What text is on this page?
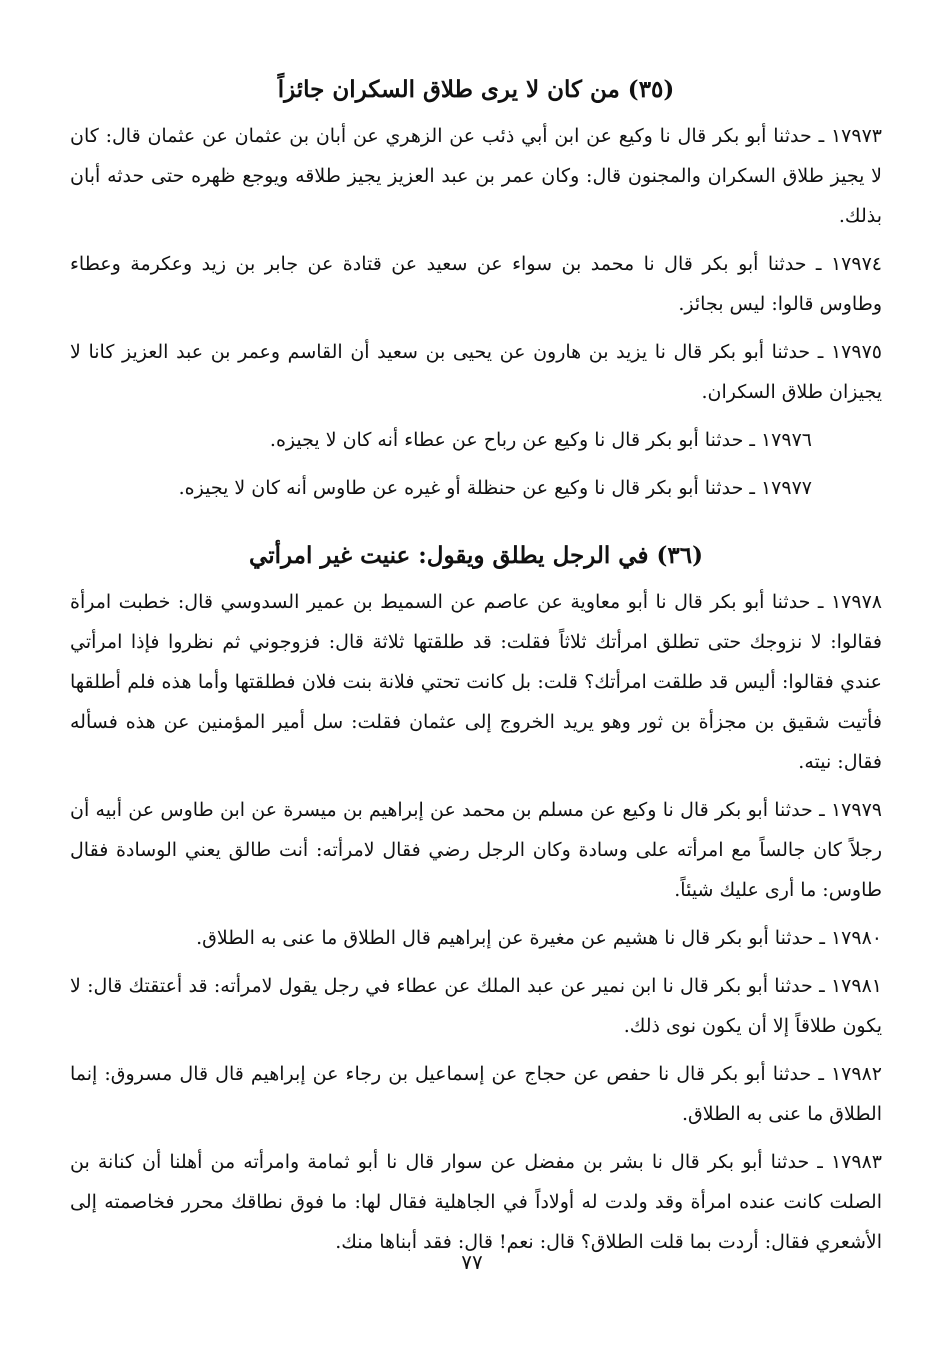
(٣٥) من كان لا يرى طلاق السكران جائزاً

١٧٩٧٣ ـ حدثنا أبو بكر قال نا وكيع عن ابن أبي ذئب عن الزهري عن أبان بن عثمان عن عثمان قال: كان لا يجيز طلاق السكران والمجنون قال: وكان عمر بن عبد العزيز يجيز طلاقه ويوجع ظهره حتى حدثه أبان بذلك.

١٧٩٧٤ ـ حدثنا أبو بكر قال نا محمد بن سواء عن سعيد عن قتادة عن جابر بن زيد وعكرمة وعطاء وطاوس قالوا: ليس بجائز.

١٧٩٧٥ ـ حدثنا أبو بكر قال نا يزيد بن هارون عن يحيى بن سعيد أن القاسم وعمر بن عبد العزيز كانا لا يجيزان طلاق السكران.

١٧٩٧٦ ـ حدثنا أبو بكر قال نا وكيع عن رباح عن عطاء أنه كان لا يجيزه.

١٧٩٧٧ ـ حدثنا أبو بكر قال نا وكيع عن حنظلة أو غيره عن طاوس أنه كان لا يجيزه.

(٣٦) في الرجل يطلق ويقول: عنيت غير امرأتي

١٧٩٧٨ ـ حدثنا أبو بكر قال نا أبو معاوية عن عاصم عن السميط بن عمير السدوسي قال: خطبت امرأة فقالوا: لا نزوجك حتى تطلق امرأتك ثلاثاً فقلت: قد طلقتها ثلاثة قال: فزوجوني ثم نظروا فإذا امرأتي عندي فقالوا: أليس قد طلقت امرأتك؟ قلت: بل كانت تحتي فلانة بنت فلان فطلقتها وأما هذه فلم أطلقها فأتيت شقيق بن مجزأة بن ثور وهو يريد الخروج إلى عثمان فقلت: سل أمير المؤمنين عن هذه فسأله فقال: نيته.

١٧٩٧٩ ـ حدثنا أبو بكر قال نا وكيع عن مسلم بن محمد عن إبراهيم بن ميسرة عن ابن طاوس عن أبيه أن رجلاً كان جالساً مع امرأته على وسادة وكان الرجل رضي فقال لامرأته: أنت طالق يعني الوسادة فقال طاوس: ما أرى عليك شيئاً.

١٧٩٨٠ ـ حدثنا أبو بكر قال نا هشيم عن مغيرة عن إبراهيم قال الطلاق ما عنى به الطلاق.

١٧٩٨١ ـ حدثنا أبو بكر قال نا ابن نمير عن عبد الملك عن عطاء في رجل يقول لامرأته: قد أعتقتك قال: لا يكون طلاقاً إلا أن يكون نوى ذلك.

١٧٩٨٢ ـ حدثنا أبو بكر قال نا حفص عن حجاج عن إسماعيل بن رجاء عن إبراهيم قال قال مسروق: إنما الطلاق ما عنى به الطلاق.

١٧٩٨٣ ـ حدثنا أبو بكر قال نا بشر بن مفضل عن سوار قال نا أبو ثمامة وامرأته من أهلنا أن كنانة بن الصلت كانت عنده امرأة وقد ولدت له أولاداً في الجاهلية فقال لها: ما فوق نطاقك محرر فخاصمته إلى الأشعري فقال: أردت بما قلت الطلاق؟ قال: نعم! قال: فقد أبناها منك.

٧٧
